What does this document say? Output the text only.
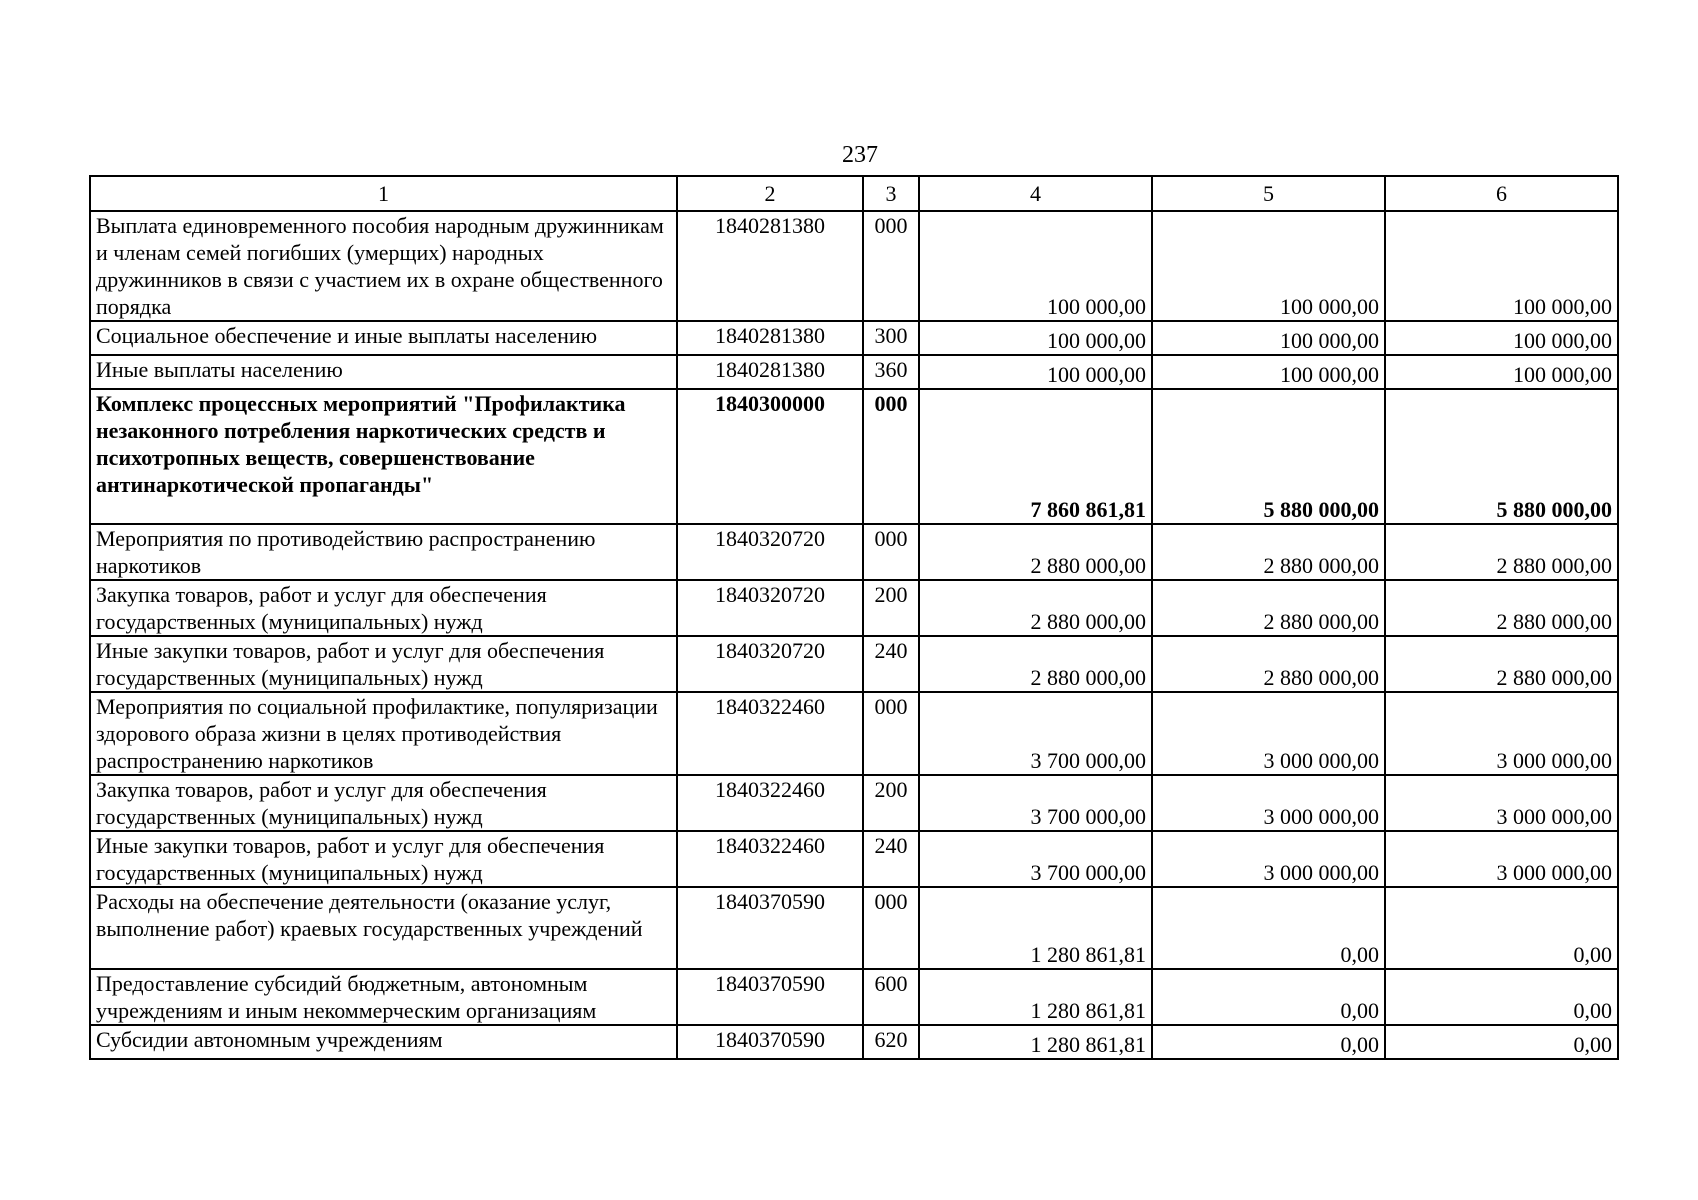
237
1	2	3	4	5	6
Выплата единовременного пособия народным дружинникам и членам семей погибших (умерщих) народных дружинников в связи с участием их в охране общественного порядка	1840281380	000	100 000,00	100 000,00	100 000,00
Социальное обеспечение и иные выплаты населению	1840281380	300	100 000,00	100 000,00	100 000,00
Иные выплаты населению	1840281380	360	100 000,00	100 000,00	100 000,00
Комплекс процессных мероприятий "Профилактика незаконного потребления наркотических средств и психотропных веществ, совершенствование антинаркотической пропаганды"	1840300000	000	7 860 861,81	5 880 000,00	5 880 000,00
Мероприятия по противодействию распространению наркотиков	1840320720	000	2 880 000,00	2 880 000,00	2 880 000,00
Закупка товаров, работ и услуг для обеспечения государственных (муниципальных) нужд	1840320720	200	2 880 000,00	2 880 000,00	2 880 000,00
Иные закупки товаров, работ и услуг для обеспечения государственных (муниципальных) нужд	1840320720	240	2 880 000,00	2 880 000,00	2 880 000,00
Мероприятия по социальной профилактике, популяризации здорового образа жизни в целях противодействия распространению наркотиков	1840322460	000	3 700 000,00	3 000 000,00	3 000 000,00
Закупка товаров, работ и услуг для обеспечения государственных (муниципальных) нужд	1840322460	200	3 700 000,00	3 000 000,00	3 000 000,00
Иные закупки товаров, работ и услуг для обеспечения государственных (муниципальных) нужд	1840322460	240	3 700 000,00	3 000 000,00	3 000 000,00
Расходы на обеспечение деятельности (оказание услуг, выполнение работ) краевых государственных учреждений	1840370590	000	1 280 861,81	0,00	0,00
Предоставление субсидий бюджетным, автономным учреждениям и иным некоммерческим организациям	1840370590	600	1 280 861,81	0,00	0,00
Субсидии автономным учреждениям	1840370590	620	1 280 861,81	0,00	0,00
